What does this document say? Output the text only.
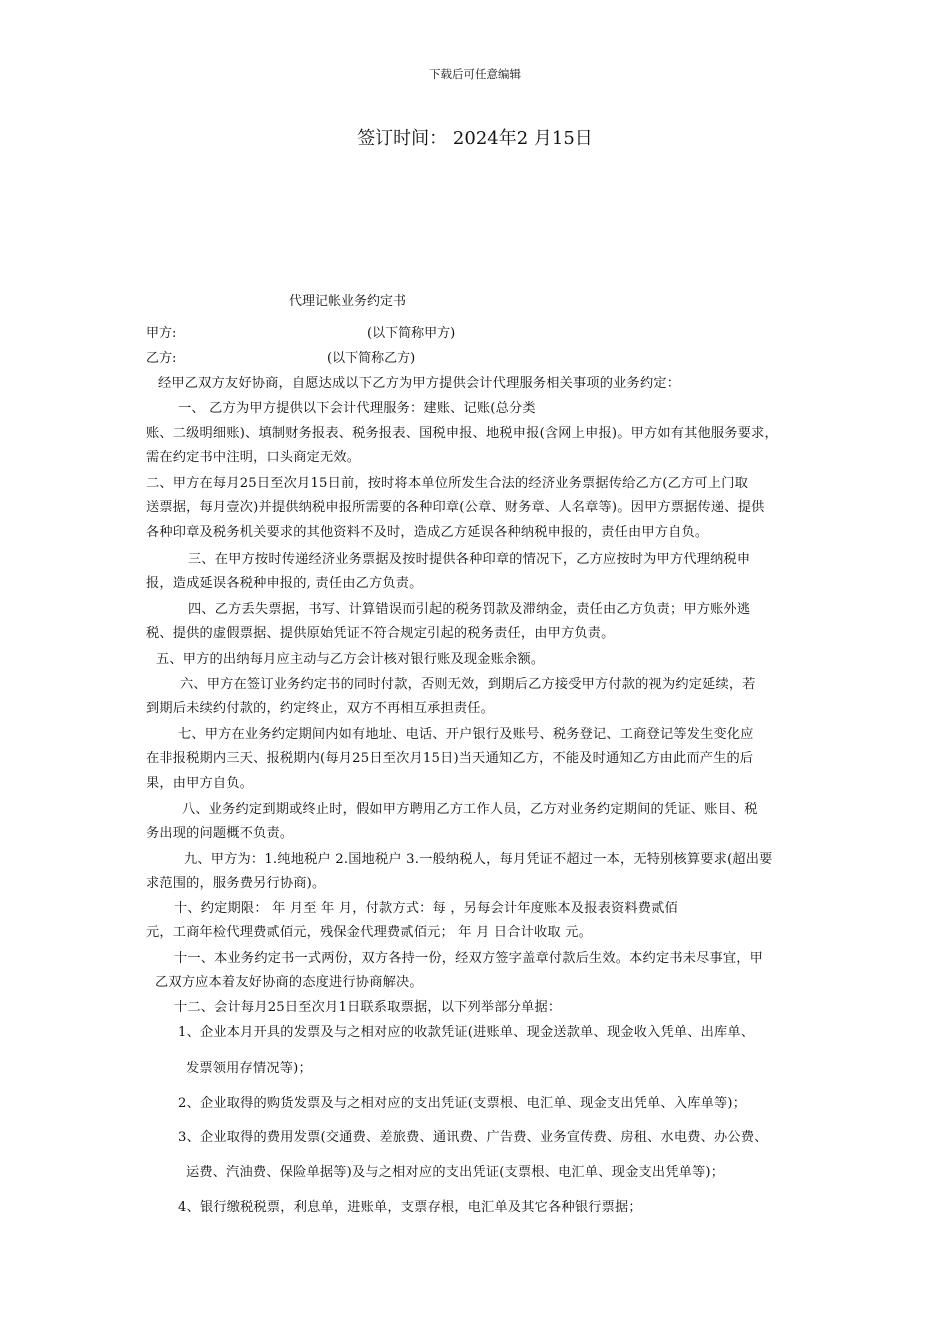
下载后可任意编辑
签订时间： 2024年2 月15日
代理记帐业务约定书
甲方:	(以下简称甲方)
乙方:	(以下简称乙方)
经甲乙双方友好协商，自愿达成以下乙方为甲方提供会计代理服务相关事项的业务约定：
一、 乙方为甲方提供以下会计代理服务：建账、记账(总分类
账、二级明细账)、填制财务报表、税务报表、国税申报、地税申报(含网上申报)。甲方如有其他服务要求，
需在约定书中注明，口头商定无效。
二、甲方在每月25日至次月15日前，按时将本单位所发生合法的经济业务票据传给乙方(乙方可上门取
送票据，每月壹次)并提供纳税申报所需要的各种印章(公章、财务章、人名章等)。因甲方票据传递、提供
各种印章及税务机关要求的其他资料不及时，造成乙方延误各种纳税申报的，责任由甲方自负。
三、在甲方按时传递经济业务票据及按时提供各种印章的情况下，乙方应按时为甲方代理纳税申
报，造成延误各税种申报的, 责任由乙方负责。
四、乙方丢失票据，书写、计算错误而引起的税务罚款及滞纳金，责任由乙方负责；甲方账外逃
税、提供的虚假票据、提供原始凭证不符合规定引起的税务责任，由甲方负责。
五、甲方的出纳每月应主动与乙方会计核对银行账及现金账余额。
六、甲方在签订业务约定书的同时付款，否则无效，到期后乙方接受甲方付款的视为约定延续，若
到期后未续约付款的，约定终止，双方不再相互承担责任。
七、甲方在业务约定期间内如有地址、电话、开户银行及账号、税务登记、工商登记等发生变化应
在非报税期内三天、报税期内(每月25日至次月15日)当天通知乙方，不能及时通知乙方由此而产生的后
果，由甲方自负。
八、业务约定到期或终止时，假如甲方聘用乙方工作人员，乙方对业务约定期间的凭证、账目、税
务出现的问题概不负责。
九、甲方为：1.纯地税户 2.国地税户 3.一般纳税人，每月凭证不超过一本，无特别核算要求(超出要
求范围的，服务费另行协商)。
十、约定期限： 年 月至 年 月，付款方式：每 ，另每会计年度账本及报表资料费贰佰
元，工商年检代理费贰佰元，残保金代理费贰佰元； 年 月 日合计收取 元。
十一、本业务约定书一式两份，双方各持一份，经双方签字盖章付款后生效。本约定书未尽事宜，甲
乙双方应本着友好协商的态度进行协商解决。
十二、会计每月25日至次月1日联系取票据，以下列举部分单据：
1、企业本月开具的发票及与之相对应的收款凭证(进账单、现金送款单、现金收入凭单、出库单、
发票领用存情况等)；
2、企业取得的购货发票及与之相对应的支出凭证(支票根、电汇单、现金支出凭单、入库单等)；
3、企业取得的费用发票(交通费、差旅费、通讯费、广告费、业务宣传费、房租、水电费、办公费、
运费、汽油费、保险单据等)及与之相对应的支出凭证(支票根、电汇单、现金支出凭单等)；
4、银行缴税税票，利息单，进账单，支票存根，电汇单及其它各种银行票据；
